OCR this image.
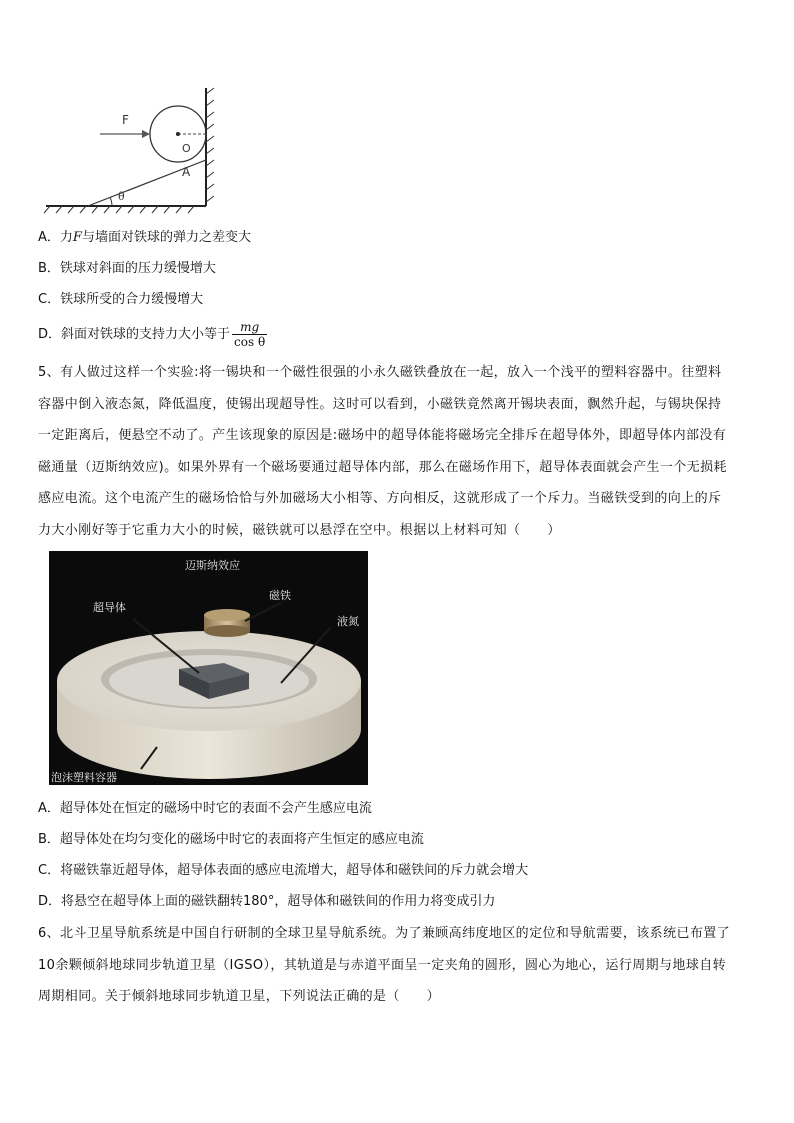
F
O
A
θ
A．力F与墙面对铁球的弹力之差变大
B．铁球对斜面的压力缓慢增大
C．铁球所受的合力缓慢增大
D．斜面对铁球的支持力大小等于 $\frac{mg}{\text{cos θ}}$
5、有人做过这样一个实验:将一锡块和一个磁性很强的小永久磁铁叠放在一起，放入一个浅平的塑料容器中。往塑料
容器中倒入液态氮，降低温度，使锡出现超导性。这时可以看到，小磁铁竟然离开锡块表面，飘然升起，与锡块保持
一定距离后，便悬空不动了。产生该现象的原因是:磁场中的超导体能将磁场完全排斥在超导体外，即超导体内部没有
磁通量（迈斯纳效应)。如果外界有一个磁场要通过超导体内部，那么在磁场作用下，超导体表面就会产生一个无损耗
感应电流。这个电流产生的磁场恰恰与外加磁场大小相等、方向相反，这就形成了一个斥力。当磁铁受到的向上的斥
力大小刚好等于它重力大小的时候，磁铁就可以悬浮在空中。根据以上材料可知（　　）
迈斯纳效应
超导体
磁铁
液氮
泡沫塑料容器
A．超导体处在恒定的磁场中时它的表面不会产生感应电流
B．超导体处在均匀变化的磁场中时它的表面将产生恒定的感应电流
C．将磁铁靠近超导体，超导体表面的感应电流增大，超导体和磁铁间的斥力就会增大
D．将悬空在超导体上面的磁铁翻转180°，超导体和磁铁间的作用力将变成引力
6、北斗卫星导航系统是中国自行研制的全球卫星导航系统。为了兼顾高纬度地区的定位和导航需要，该系统已布置了
10余颗倾斜地球同步轨道卫星（IGSO），其轨道是与赤道平面呈一定夹角的圆形，圆心为地心，运行周期与地球自转
周期相同。关于倾斜地球同步轨道卫星，下列说法正确的是（　　）
